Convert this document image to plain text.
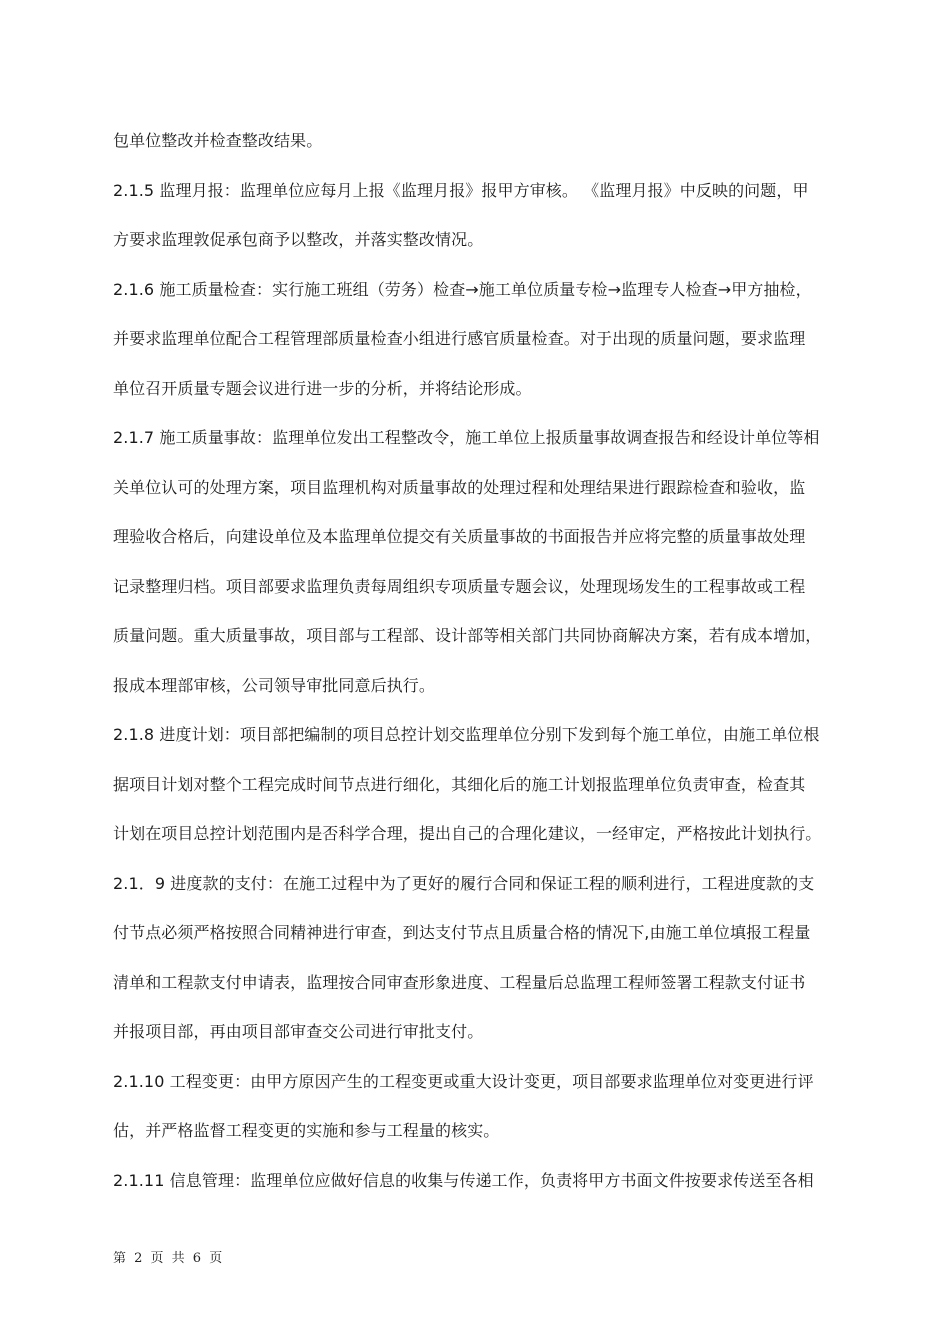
包单位整改并检查整改结果。

2.1.5 监理月报：监理单位应每月上报《监理月报》报甲方审核。 《监理月报》中反映的问题，甲
方要求监理敦促承包商予以整改，并落实整改情况。

2.1.6 施工质量检查：实行施工班组（劳务）检查→施工单位质量专检→监理专人检查→甲方抽检，
并要求监理单位配合工程管理部质量检查小组进行感官质量检查。对于出现的质量问题，要求监理
单位召开质量专题会议进行进一步的分析，并将结论形成。

2.1.7 施工质量事故：监理单位发出工程整改令，施工单位上报质量事故调查报告和经设计单位等相
关单位认可的处理方案，项目监理机构对质量事故的处理过程和处理结果进行跟踪检查和验收，监
理验收合格后，向建设单位及本监理单位提交有关质量事故的书面报告并应将完整的质量事故处理
记录整理归档。项目部要求监理负责每周组织专项质量专题会议，处理现场发生的工程事故或工程
质量问题。重大质量事故，项目部与工程部、设计部等相关部门共同协商解决方案，若有成本增加，
报成本理部审核，公司领导审批同意后执行。

2.1.8 进度计划：项目部把编制的项目总控计划交监理单位分别下发到每个施工单位，由施工单位根
据项目计划对整个工程完成时间节点进行细化，其细化后的施工计划报监理单位负责审查，检查其
计划在项目总控计划范围内是否科学合理，提出自己的合理化建议，一经审定，严格按此计划执行。

2.1．9 进度款的支付：在施工过程中为了更好的履行合同和保证工程的顺利进行，工程进度款的支
付节点必须严格按照合同精神进行审查，到达支付节点且质量合格的情况下,由施工单位填报工程量
清单和工程款支付申请表，监理按合同审查形象进度、工程量后总监理工程师签署工程款支付证书
并报项目部，再由项目部审查交公司进行审批支付。

2.1.10 工程变更：由甲方原因产生的工程变更或重大设计变更，项目部要求监理单位对变更进行评
估，并严格监督工程变更的实施和参与工程量的核实。

2.1.11 信息管理：监理单位应做好信息的收集与传递工作，负责将甲方书面文件按要求传送至各相

第 2 页 共 6 页
